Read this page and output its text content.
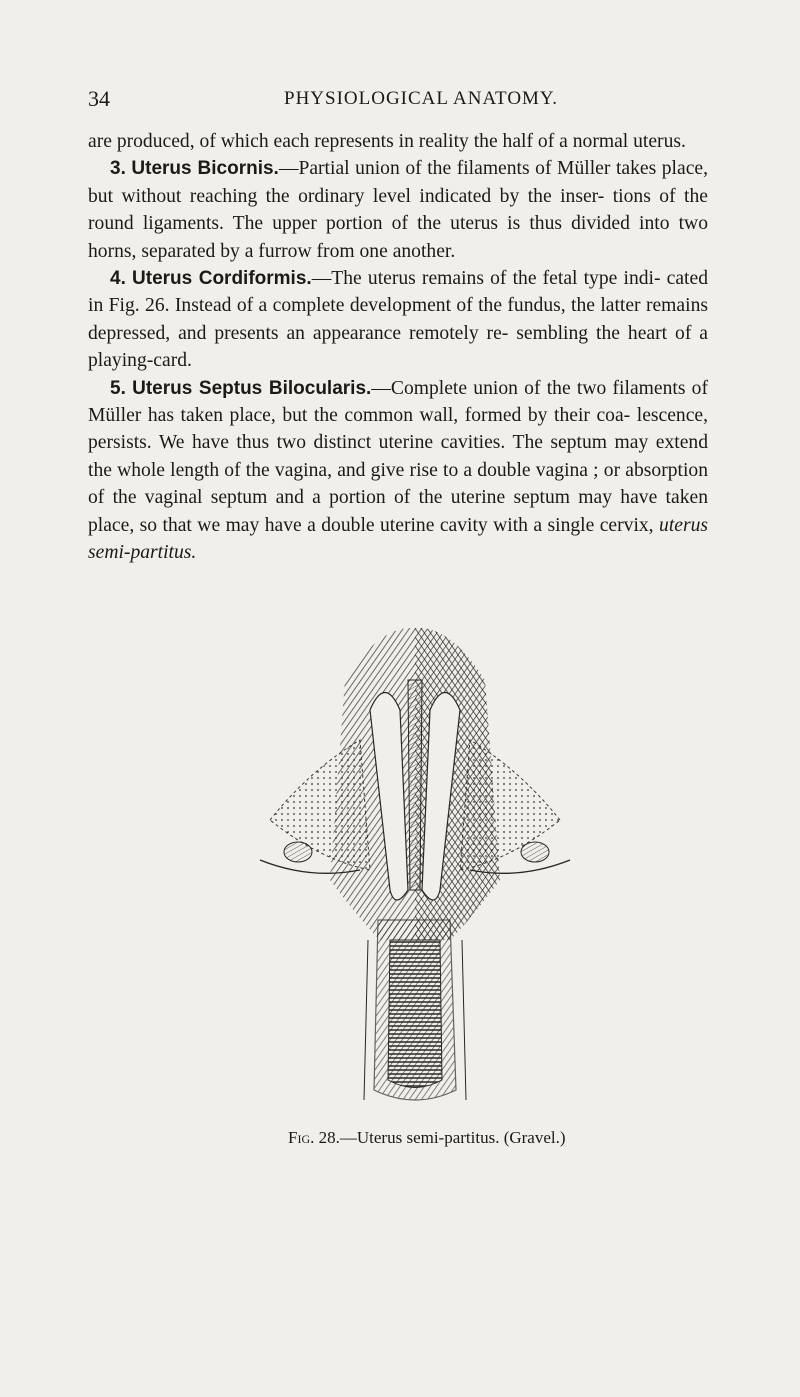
34	PHYSIOLOGICAL ANATOMY.

are produced, of which each represents in reality the half of a normal uterus.

3. Uterus Bicornis.—Partial union of the filaments of Müller takes place, but without reaching the ordinary level indicated by the inser- tions of the round ligaments. The upper portion of the uterus is thus divided into two horns, separated by a furrow from one another.

4. Uterus Cordiformis.—The uterus remains of the fetal type indi- cated in Fig. 26. Instead of a complete development of the fundus, the latter remains depressed, and presents an appearance remotely re- sembling the heart of a playing-card.

5. Uterus Septus Bilocularis.—Complete union of the two filaments of Müller has taken place, but the common wall, formed by their coa- lescence, persists. We have thus two distinct uterine cavities. The septum may extend the whole length of the vagina, and give rise to a double vagina ; or absorption of the vaginal septum and a portion of the uterine septum may have taken place, so that we may have a double uterine cavity with a single cervix, uterus semi-partitus.

Fig. 28.—Uterus semi-partitus. (Gravel.)
